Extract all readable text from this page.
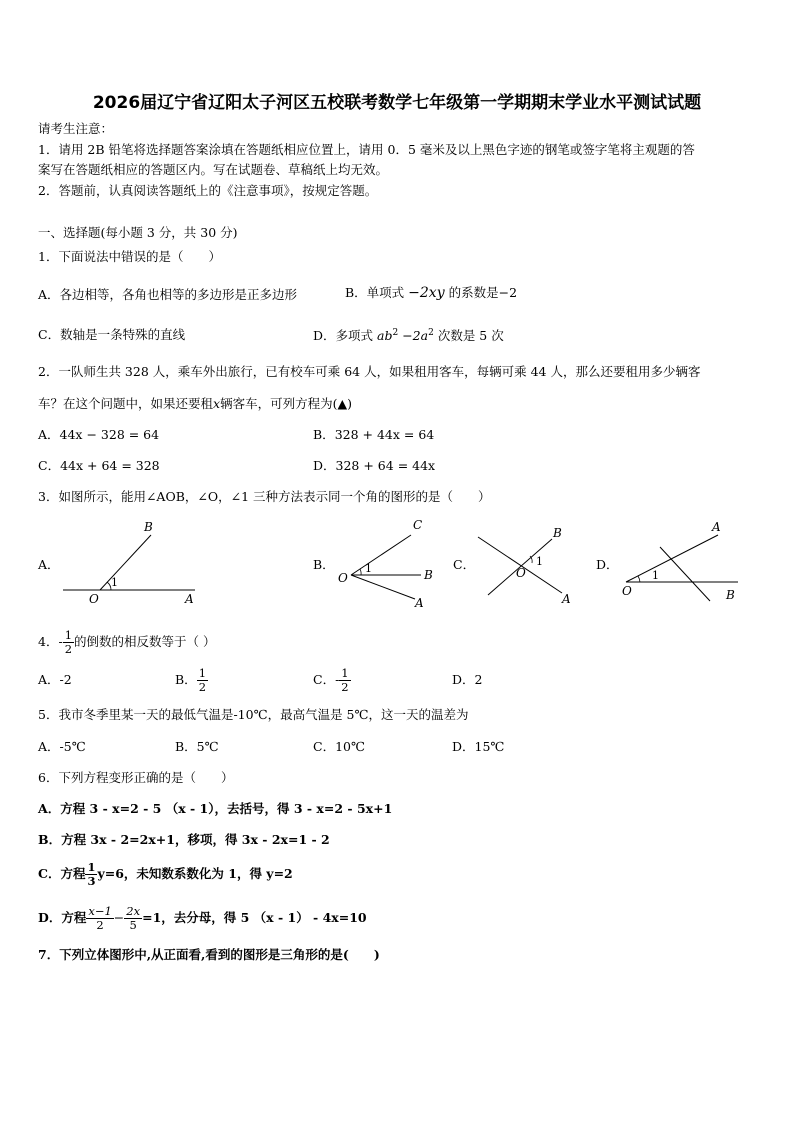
2026届辽宁省辽阳太子河区五校联考数学七年级第一学期期末学业水平测试试题
请考生注意：
1．请用 2B 铅笔将选择题答案涂填在答题纸相应位置上，请用 0．5 毫米及以上黑色字迹的钢笔或签字笔将主观题的答
案写在答题纸相应的答题区内。写在试题卷、草稿纸上均无效。
2．答题前，认真阅读答题纸上的《注意事项》，按规定答题。
一、选择题(每小题 3 分，共 30 分)
1．下面说法中错误的是（　　）
A．各边相等，各角也相等的多边形是正多边形	B．单项式 −2xy 的系数是−2
C．数轴是一条特殊的直线	D．多项式 $ab^2 -2a^2$ 次数是 5 次
2．一队师生共 328 人，乘车外出旅行，已有校车可乘 64 人，如果租用客车，每辆可乘 44 人，那么还要租用多少辆客
车？在这个问题中，如果还要租x辆客车，可列方程为(▲)
A．44x − 328 = 64	B．328 + 44x = 64
C．44x + 64 = 328	D．328 + 64 = 44x
3．如图所示，能用∠AOB，∠O，∠1 三种方法表示同一个角的图形的是（　　）
A．	B．	C．	D．
B
O	A
1
C
O	B
A
1
B
O
A
1
A
O	B
1
4．- $\frac{1}{2}$ 的倒数的相反数等于（ ）
A．-2	B． $\frac{1}{2}$	C．- $\frac{1}{2}$	D．2
5．我市冬季里某一天的最低气温是-10℃，最高气温是 5℃，这一天的温差为
A．-5℃	B．5℃	C．10℃	D．15℃
6．下列方程变形正确的是（　　）
A．方程 3 - x=2 - 5 （x - 1），去括号，得 3 - x=2 - 5x+1
B．方程 3x - 2=2x+1，移项，得 3x - 2x=1 - 2
C．方程 $\frac{1}{3} y=6$，未知数系数化为 1，得 y=2
D．方程 $\frac{x-1}{2} - \frac{2x}{5} =1$，去分母，得 5 （x - 1） - 4x=10
7．下列立体图形中,从正面看,看到的图形是三角形的是(　　)
